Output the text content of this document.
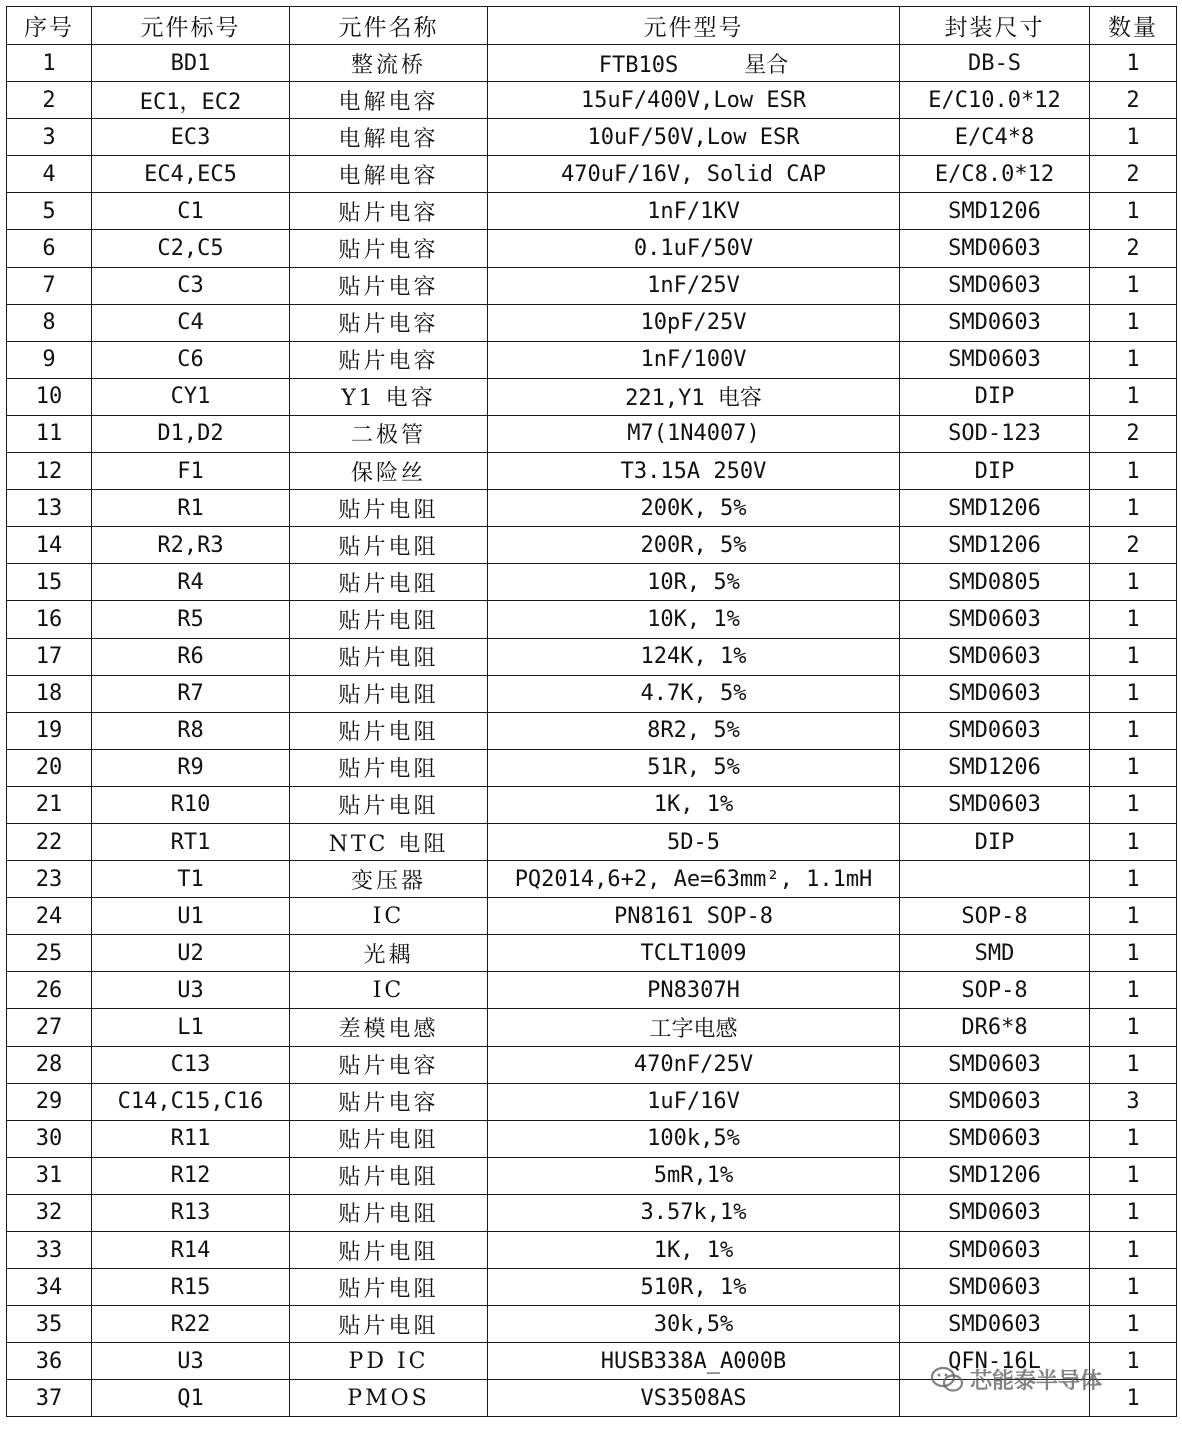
序号	元件标号	元件名称	元件型号	封装尺寸	数量
1	BD1	整流桥	FTB10S　　　星合	DB-S	1
2	EC1，EC2	电解电容	15uF/400V,Low ESR	E/C10.0*12	2
3	EC3	电解电容	10uF/50V,Low ESR	E/C4*8	1
4	EC4,EC5	电解电容	470uF/16V, Solid CAP	E/C8.0*12	2
5	C1	贴片电容	1nF/1KV	SMD1206	1
6	C2,C5	贴片电容	0.1uF/50V	SMD0603	2
7	C3	贴片电容	1nF/25V	SMD0603	1
8	C4	贴片电容	10pF/25V	SMD0603	1
9	C6	贴片电容	1nF/100V	SMD0603	1
10	CY1	Y1 电容	221,Y1 电容	DIP	1
11	D1,D2	二极管	M7(1N4007)	SOD-123	2
12	F1	保险丝	T3.15A 250V	DIP	1
13	R1	贴片电阻	200K, 5%	SMD1206	1
14	R2,R3	贴片电阻	200R, 5%	SMD1206	2
15	R4	贴片电阻	10R, 5%	SMD0805	1
16	R5	贴片电阻	10K, 1%	SMD0603	1
17	R6	贴片电阻	124K, 1%	SMD0603	1
18	R7	贴片电阻	4.7K, 5%	SMD0603	1
19	R8	贴片电阻	8R2, 5%	SMD0603	1
20	R9	贴片电阻	51R, 5%	SMD1206	1
21	R10	贴片电阻	1K, 1%	SMD0603	1
22	RT1	NTC 电阻	5D-5	DIP	1
23	T1	变压器	PQ2014,6+2, Ae=63mm², 1.1mH		1
24	U1	IC	PN8161 SOP-8	SOP-8	1
25	U2	光耦	TCLT1009	SMD	1
26	U3	IC	PN8307H	SOP-8	1
27	L1	差模电感	工字电感	DR6*8	1
28	C13	贴片电容	470nF/25V	SMD0603	1
29	C14,C15,C16	贴片电容	1uF/16V	SMD0603	3
30	R11	贴片电阻	100k,5%	SMD0603	1
31	R12	贴片电阻	5mR,1%	SMD1206	1
32	R13	贴片电阻	3.57k,1%	SMD0603	1
33	R14	贴片电阻	1K, 1%	SMD0603	1
34	R15	贴片电阻	510R, 1%	SMD0603	1
35	R22	贴片电阻	30k,5%	SMD0603	1
36	U3	PD IC	HUSB338A_A000B	QFN-16L	1
37	Q1	PMOS	VS3508AS		1
芯能泰半导体
